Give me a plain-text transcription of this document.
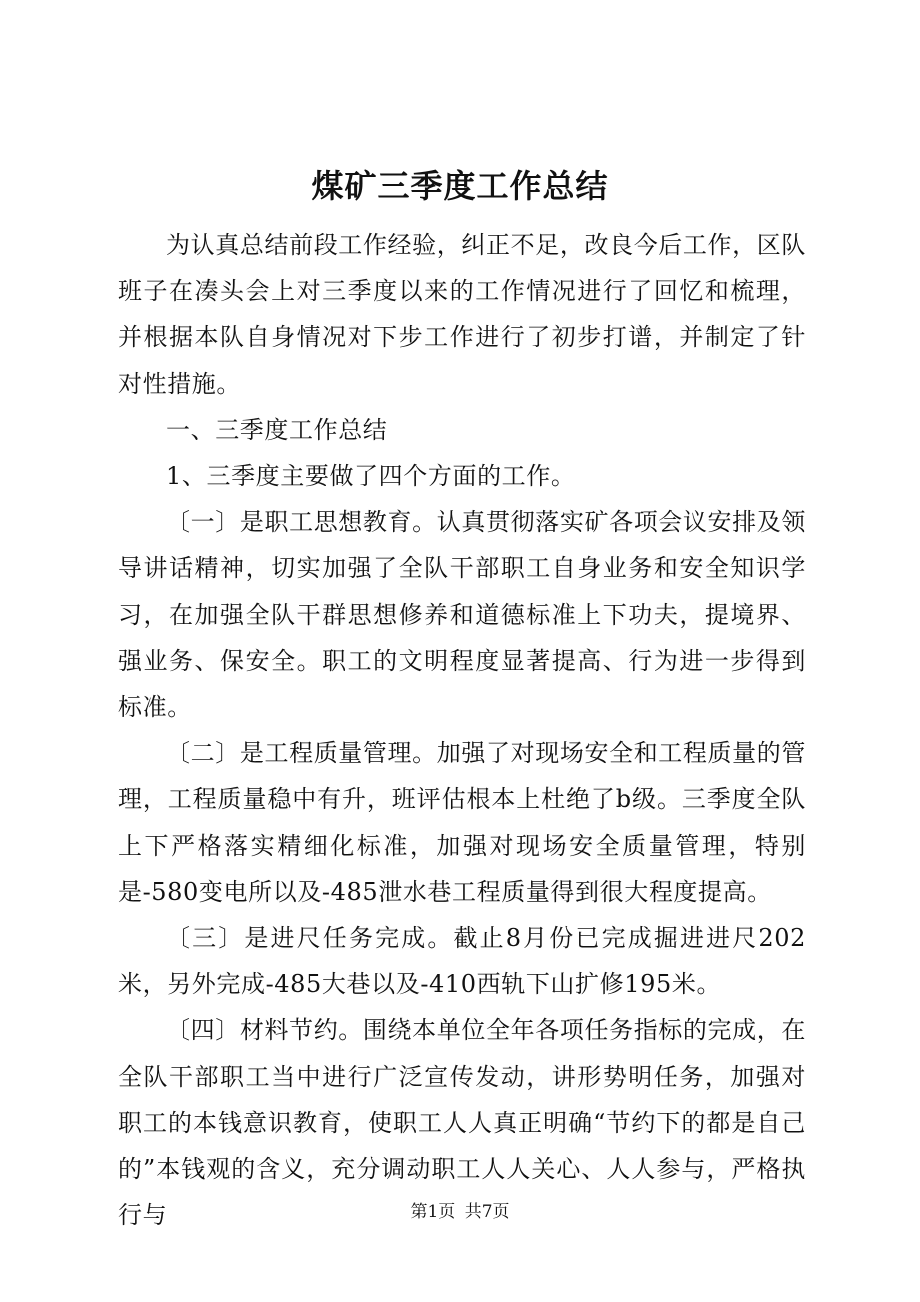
煤矿三季度工作总结

为认真总结前段工作经验，纠正不足，改良今后工作，区队班子在凑头会上对三季度以来的工作情况进行了回忆和梳理，并根据本队自身情况对下步工作进行了初步打谱，并制定了针对性措施。

一、三季度工作总结

1、三季度主要做了四个方面的工作。

〔一〕是职工思想教育。认真贯彻落实矿各项会议安排及领导讲话精神，切实加强了全队干部职工自身业务和安全知识学习，在加强全队干群思想修养和道德标准上下功夫，提境界、强业务、保安全。职工的文明程度显著提高、行为进一步得到标准。

〔二〕是工程质量管理。加强了对现场安全和工程质量的管理，工程质量稳中有升，班评估根本上杜绝了b级。三季度全队上下严格落实精细化标准，加强对现场安全质量管理，特别是-580变电所以及-485泄水巷工程质量得到很大程度提高。

〔三〕是进尺任务完成。截止8月份已完成掘进进尺202米，另外完成-485大巷以及-410西轨下山扩修195米。

〔四〕材料节约。围绕本单位全年各项任务指标的完成，在全队干部职工当中进行广泛宣传发动，讲形势明任务，加强对职工的本钱意识教育，使职工人人真正明确“节约下的都是自己的”本钱观的含义，充分调动职工人人关心、人人参与，严格执行与	第1页 共7页
